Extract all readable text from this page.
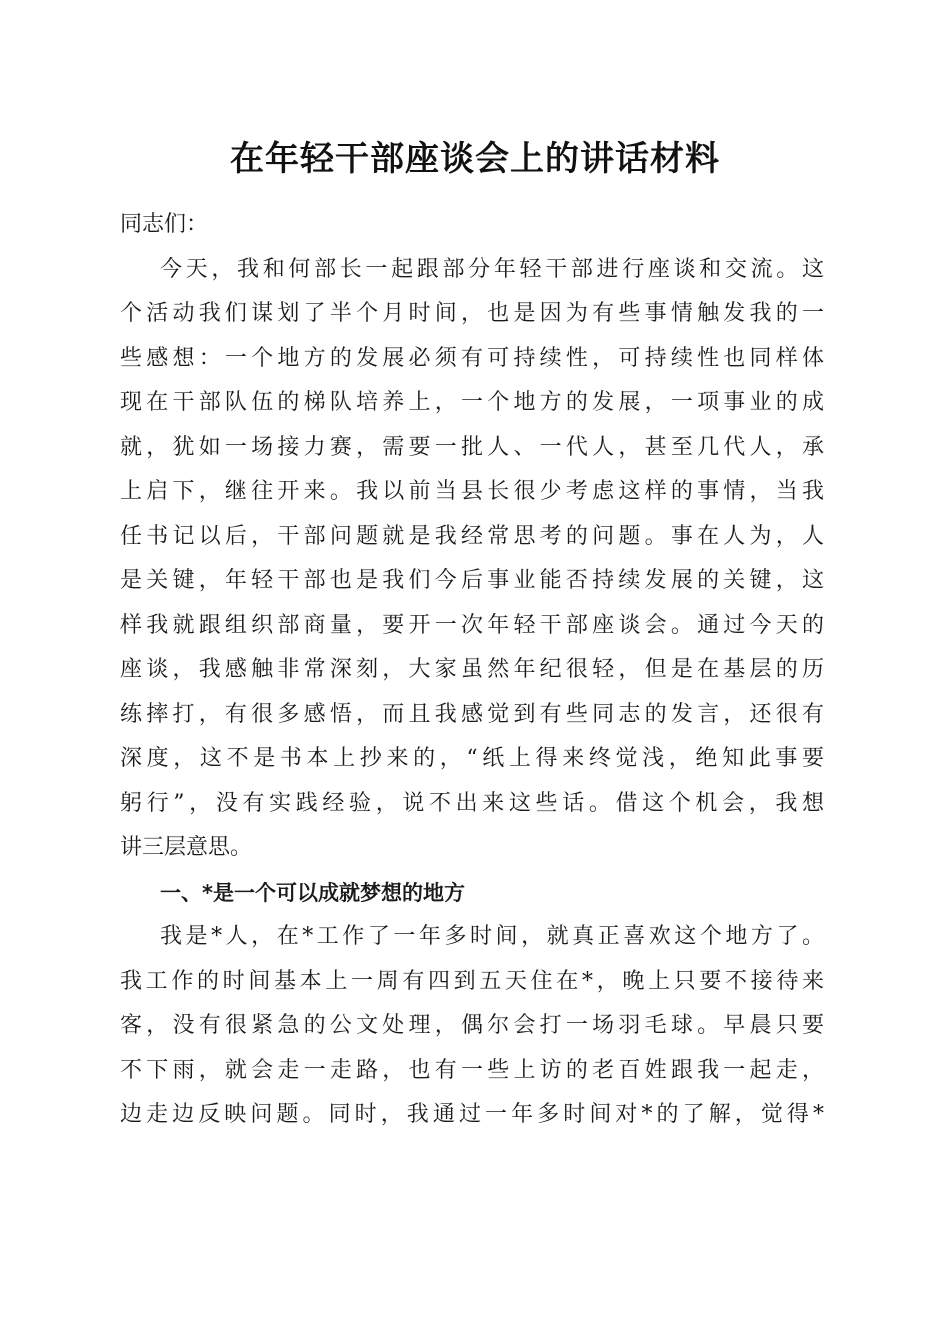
在年轻干部座谈会上的讲话材料
同志们：
今天，我和何部长一起跟部分年轻干部进行座谈和交流。这
个活动我们谋划了半个月时间，也是因为有些事情触发我的一
些感想：一个地方的发展必须有可持续性，可持续性也同样体
现在干部队伍的梯队培养上，一个地方的发展，一项事业的成
就，犹如一场接力赛，需要一批人、一代人，甚至几代人，承
上启下，继往开来。我以前当县长很少考虑这样的事情，当我
任书记以后，干部问题就是我经常思考的问题。事在人为，人
是关键，年轻干部也是我们今后事业能否持续发展的关键，这
样我就跟组织部商量，要开一次年轻干部座谈会。通过今天的
座谈，我感触非常深刻，大家虽然年纪很轻，但是在基层的历
练摔打，有很多感悟，而且我感觉到有些同志的发言，还很有
深度，这不是书本上抄来的，“纸上得来终觉浅，绝知此事要
躬行”，没有实践经验，说不出来这些话。借这个机会，我想
讲三层意思。
一、*是一个可以成就梦想的地方
我是*人，在*工作了一年多时间，就真正喜欢这个地方了。
我工作的时间基本上一周有四到五天住在*，晚上只要不接待来
客，没有很紧急的公文处理，偶尔会打一场羽毛球。早晨只要
不下雨，就会走一走路，也有一些上访的老百姓跟我一起走，
边走边反映问题。同时，我通过一年多时间对*的了解，觉得*
